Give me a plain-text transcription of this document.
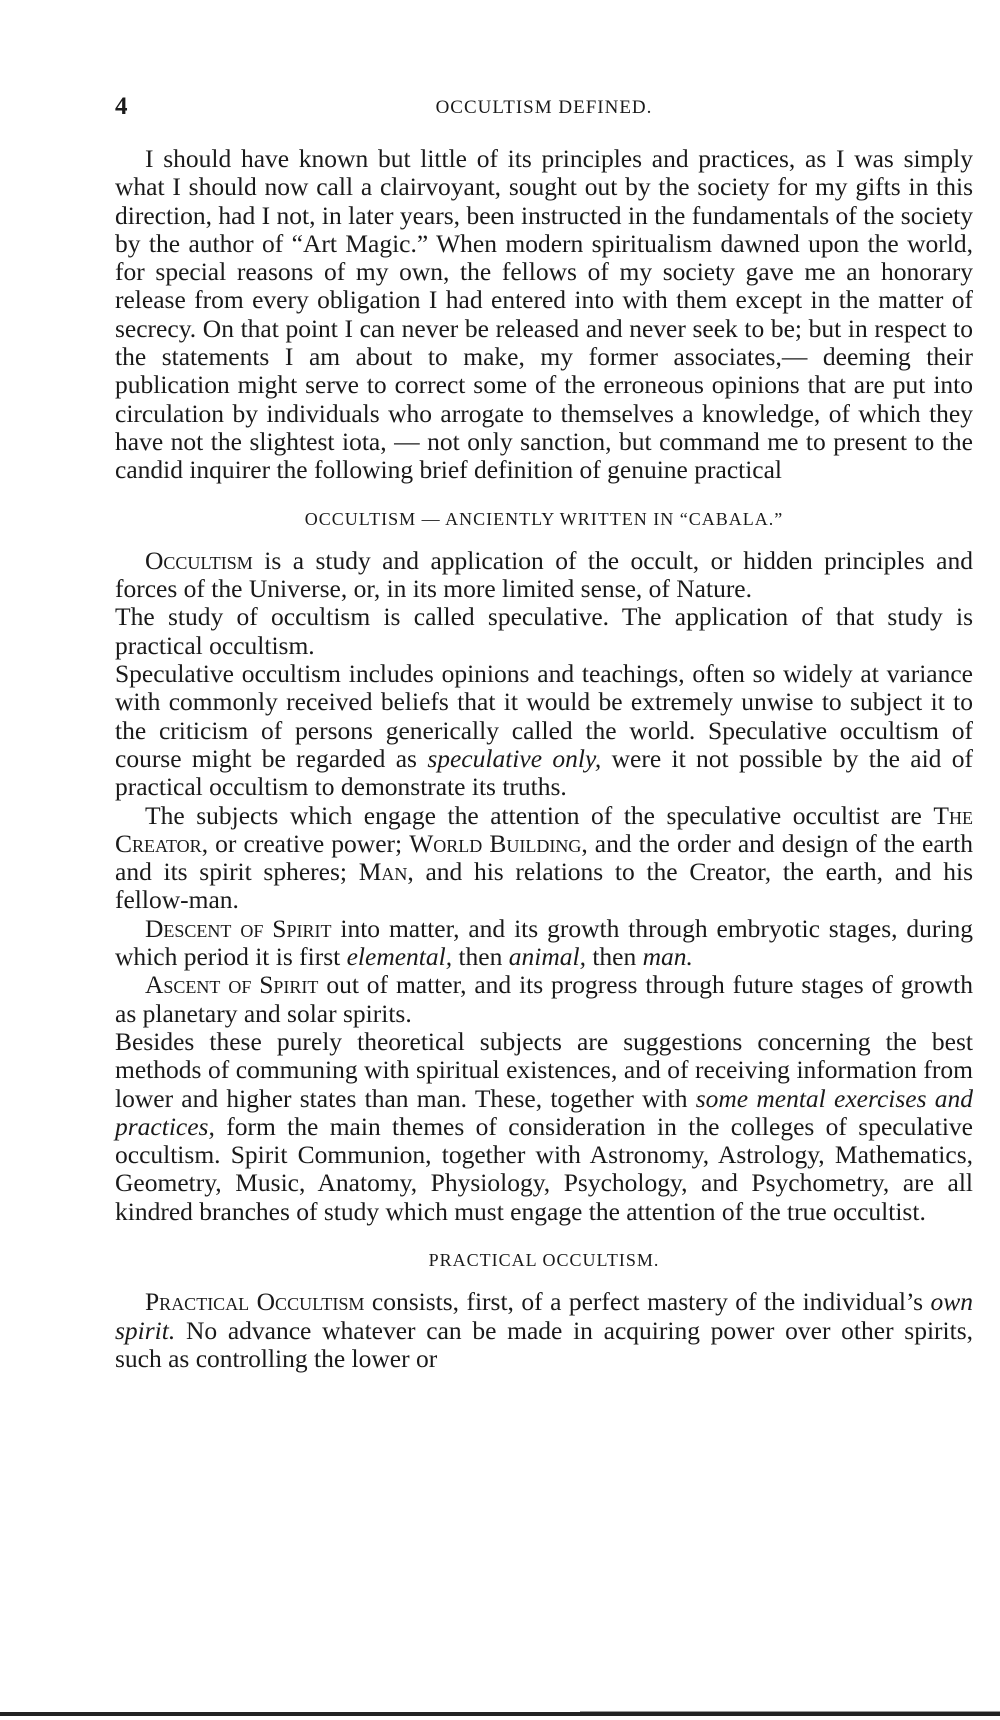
4	OCCULTISM DEFINED.

I should have known but little of its principles and practices, as I was simply what I should now call a clairvoyant, sought out by the society for my gifts in this direction, had I not, in later years, been instructed in the fundamentals of the society by the author of “Art Magic.” When modern spiritualism dawned upon the world, for special reasons of my own, the fellows of my society gave me an honorary release from every obligation I had entered into with them except in the matter of secrecy. On that point I can never be released and never seek to be; but in respect to the statements I am about to make, my former associates,— deeming their publication might serve to correct some of the erroneous opinions that are put into circulation by individuals who arrogate to themselves a knowledge, of which they have not the slightest iota, — not only sanction, but command me to present to the candid inquirer the following brief definition of genuine practical

OCCULTISM — ANCIENTLY WRITTEN IN “CABALA.”

Occultism is a study and application of the occult, or hidden principles and forces of the Universe, or, in its more limited sense, of Nature.

The study of occultism is called speculative. The application of that study is practical occultism.

Speculative occultism includes opinions and teachings, often so widely at variance with commonly received beliefs that it would be extremely unwise to subject it to the criticism of persons generically called the world. Speculative occultism of course might be regarded as speculative only, were it not possible by the aid of practical occultism to demonstrate its truths.

The subjects which engage the attention of the speculative occultist are The Creator, or creative power; World Building, and the order and design of the earth and its spirit spheres; Man, and his relations to the Creator, the earth, and his fellow-man.

Descent of Spirit into matter, and its growth through embryotic stages, during which period it is first elemental, then animal, then man.

Ascent of Spirit out of matter, and its progress through future stages of growth as planetary and solar spirits.

Besides these purely theoretical subjects are suggestions concerning the best methods of communing with spiritual existences, and of receiving information from lower and higher states than man. These, together with some mental exercises and practices, form the main themes of consideration in the colleges of speculative occultism. Spirit Communion, together with Astronomy, Astrology, Mathematics, Geometry, Music, Anatomy, Physiology, Psychology, and Psychometry, are all kindred branches of study which must engage the attention of the true occultist.

PRACTICAL OCCULTISM.

Practical Occultism consists, first, of a perfect mastery of the individual’s own spirit. No advance whatever can be made in acquiring power over other spirits, such as controlling the lower or
